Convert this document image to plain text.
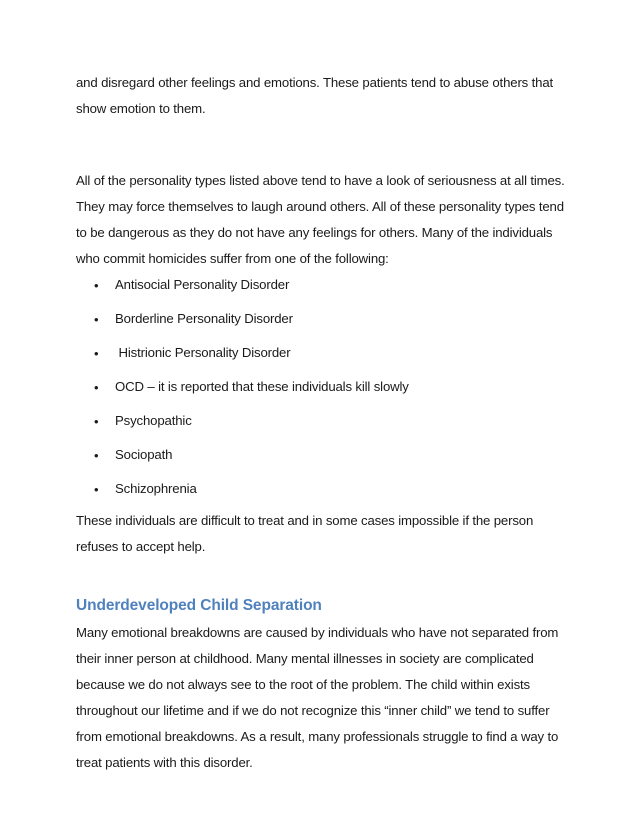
and disregard other feelings and emotions. These patients tend to abuse others that show emotion to them.

All of the personality types listed above tend to have a look of seriousness at all times. They may force themselves to laugh around others. All of these personality types tend to be dangerous as they do not have any feelings for others. Many of the individuals who commit homicides suffer from one of the following:

• Antisocial Personality Disorder
• Borderline Personality Disorder
• Histrionic Personality Disorder
• OCD – it is reported that these individuals kill slowly
• Psychopathic
• Sociopath
• Schizophrenia

These individuals are difficult to treat and in some cases impossible if the person refuses to accept help.

Underdeveloped Child Separation

Many emotional breakdowns are caused by individuals who have not separated from their inner person at childhood. Many mental illnesses in society are complicated because we do not always see to the root of the problem. The child within exists throughout our lifetime and if we do not recognize this “inner child” we tend to suffer from emotional breakdowns. As a result, many professionals struggle to find a way to treat patients with this disorder.
